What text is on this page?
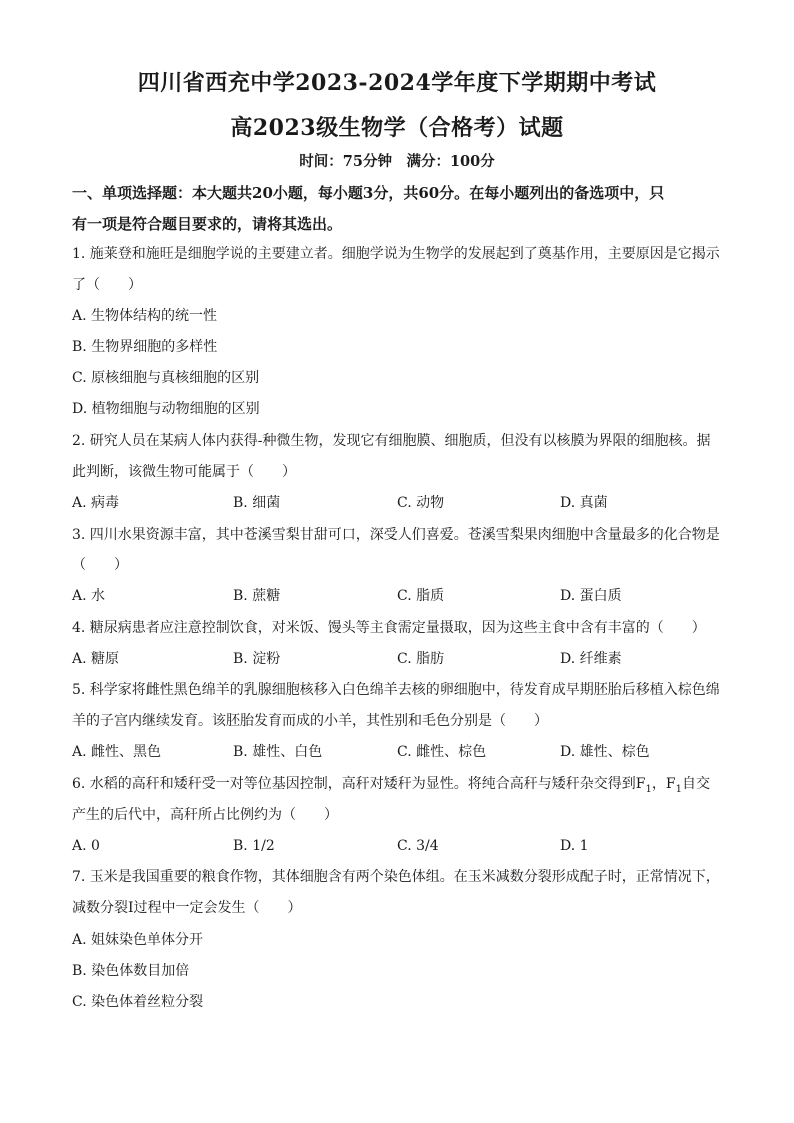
四川省西充中学2023-2024学年度下学期期中考试
高2023级生物学（合格考）试题
时间：75分钟　满分：100分
一、单项选择题：本大题共20小题，每小题3分，共60分。在每小题列出的备选项中，只
有一项是符合题目要求的，请将其选出。
1. 施莱登和施旺是细胞学说的主要建立者。细胞学说为生物学的发展起到了奠基作用，主要原因是它揭示
了（　　）
A. 生物体结构的统一性
B. 生物界细胞的多样性
C. 原核细胞与真核细胞的区别
D. 植物细胞与动物细胞的区别
2. 研究人员在某病人体内获得-种微生物，发现它有细胞膜、细胞质，但没有以核膜为界限的细胞核。据
此判断，该微生物可能属于（　　）
A. 病毒	B. 细菌	C. 动物	D. 真菌
3. 四川水果资源丰富，其中苍溪雪梨甘甜可口，深受人们喜爱。苍溪雪梨果肉细胞中含量最多的化合物是
（　　）
A. 水	B. 蔗糖	C. 脂质	D. 蛋白质
4. 糖尿病患者应注意控制饮食，对米饭、馒头等主食需定量摄取，因为这些主食中含有丰富的（　　）
A. 糖原	B. 淀粉	C. 脂肪	D. 纤维素
5. 科学家将雌性黑色绵羊的乳腺细胞核移入白色绵羊去核的卵细胞中，待发育成早期胚胎后移植入棕色绵
羊的子宫内继续发育。该胚胎发育而成的小羊，其性别和毛色分别是（　　）
A. 雌性、黑色	B. 雄性、白色	C. 雌性、棕色	D. 雄性、棕色
6. 水稻的高秆和矮秆受一对等位基因控制，高秆对矮秆为显性。将纯合高秆与矮秆杂交得到$F_1$，$F_1$自交
产生的后代中，高秆所占比例约为（　　）
A. 0	B. 1/2	C. 3/4	D. 1
7. 玉米是我国重要的粮食作物，其体细胞含有两个染色体组。在玉米减数分裂形成配子时，正常情况下，
减数分裂Ⅰ过程中一定会发生（　　）
A. 姐妹染色单体分开
B. 染色体数目加倍
C. 染色体着丝粒分裂
